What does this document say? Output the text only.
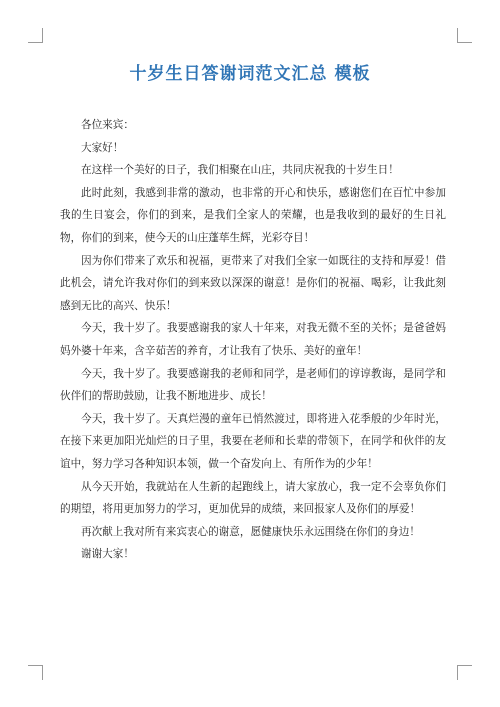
十岁生日答谢词范文汇总 模板

各位来宾：

大家好！

在这样一个美好的日子，我们相聚在山庄，共同庆祝我的十岁生日！

此时此刻，我感到非常的激动，也非常的开心和快乐，感谢您们在百忙中参加我的生日宴会，你们的到来，是我们全家人的荣耀，也是我收到的最好的生日礼物，你们的到来，使今天的山庄蓬荜生辉，光彩夺目！

因为你们带来了欢乐和祝福，更带来了对我们全家一如既往的支持和厚爱！借此机会，请允许我对你们的到来致以深深的谢意！是你们的祝福、喝彩，让我此刻感到无比的高兴、快乐！

今天，我十岁了。我要感谢我的家人十年来，对我无微不至的关怀；是爸爸妈妈外婆十年来，含辛茹苦的养育，才让我有了快乐、美好的童年！

今天，我十岁了。我要感谢我的老师和同学，是老师们的谆谆教诲，是同学和伙伴们的帮助鼓励，让我不断地进步、成长！

今天，我十岁了。天真烂漫的童年已悄然渡过，即将进入花季般的少年时光，在接下来更加阳光灿烂的日子里，我要在老师和长辈的带领下，在同学和伙伴的友谊中，努力学习各种知识本领，做一个奋发向上、有所作为的少年！

从今天开始，我就站在人生新的起跑线上，请大家放心，我一定不会辜负你们的期望，将用更加努力的学习，更加优异的成绩，来回报家人及你们的厚爱！

再次献上我对所有来宾衷心的谢意，愿健康快乐永远围绕在你们的身边！

谢谢大家！
